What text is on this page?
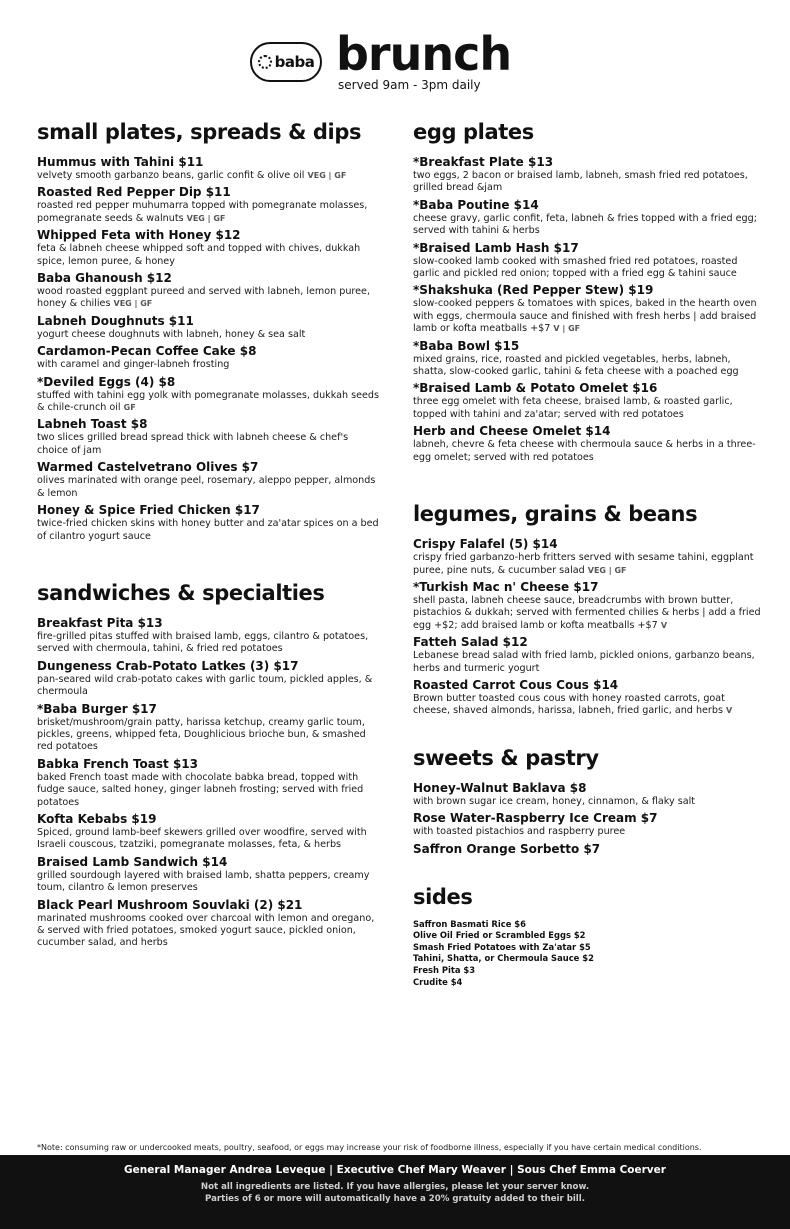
baba brunch
served 9am - 3pm daily
small plates, spreads & dips
Hummus with Tahini $11
velvety smooth garbanzo beans, garlic confit & olive oil VEG | GF
Roasted Red Pepper Dip $11
roasted red pepper muhumarra topped with pomegranate molasses, pomegranate seeds & walnuts VEG | GF
Whipped Feta with Honey $12
feta & labneh cheese whipped soft and topped with chives, dukkah spice, lemon puree, & honey
Baba Ghanoush $12
wood roasted eggplant pureed and served with labneh, lemon puree, honey & chilies VEG | GF
Labneh Doughnuts $11
yogurt cheese doughnuts with labneh, honey & sea salt
Cardamon-Pecan Coffee Cake $8
with caramel and ginger-labneh frosting
*Deviled Eggs (4) $8
stuffed with tahini egg yolk with pomegranate molasses, dukkah seeds & chile-crunch oil GF
Labneh Toast $8
two slices grilled bread spread thick with labneh cheese & chef's choice of jam
Warmed Castelvetrano Olives $7
olives marinated with orange peel, rosemary, aleppo pepper, almonds & lemon
Honey & Spice Fried Chicken $17
twice-fried chicken skins with honey butter and za'atar spices on a bed of cilantro yogurt sauce
sandwiches & specialties
Breakfast Pita $13
fire-grilled pitas stuffed with braised lamb, eggs, cilantro & potatoes, served with chermoula, tahini, & fried red potatoes
Dungeness Crab-Potato Latkes (3) $17
pan-seared wild crab-potato cakes with garlic toum, pickled apples, & chermoula
*Baba Burger $17
brisket/mushroom/grain patty, harissa ketchup, creamy garlic toum, pickles, greens, whipped feta, Doughlicious brioche bun, & smashed red potatoes
Babka French Toast $13
baked French toast made with chocolate babka bread, topped with fudge sauce, salted honey, ginger labneh frosting; served with fried potatoes
Kofta Kebabs $19
Spiced, ground lamb-beef skewers grilled over woodfire, served with Israeli couscous, tzatziki, pomegranate molasses, feta, & herbs
Braised Lamb Sandwich $14
grilled sourdough layered with braised lamb, shatta peppers, creamy toum, cilantro & lemon preserves
Black Pearl Mushroom Souvlaki (2) $21
marinated mushrooms cooked over charcoal with lemon and oregano, & served with fried potatoes, smoked yogurt sauce, pickled onion, cucumber salad, and herbs
egg plates
*Breakfast Plate $13
two eggs, 2 bacon or braised lamb, labneh, smash fried red potatoes, grilled bread &jam
*Baba Poutine $14
cheese gravy, garlic confit, feta, labneh & fries topped with a fried egg; served with tahini & herbs
*Braised Lamb Hash $17
slow-cooked lamb cooked with smashed fried red potatoes, roasted garlic and pickled red onion; topped with a fried egg & tahini sauce
*Shakshuka (Red Pepper Stew) $19
slow-cooked peppers & tomatoes with spices, baked in the hearth oven with eggs, chermoula sauce and finished with fresh herbs | add braised lamb or kofta meatballs +$7 V | GF
*Baba Bowl $15
mixed grains, rice, roasted and pickled vegetables, herbs, labneh, shatta, slow-cooked garlic, tahini & feta cheese with a poached egg
*Braised Lamb & Potato Omelet $16
three egg omelet with feta cheese, braised lamb, & roasted garlic, topped with tahini and za'atar; served with red potatoes
Herb and Cheese Omelet $14
labneh, chevre & feta cheese with chermoula sauce & herbs in a three-egg omelet; served with red potatoes
legumes, grains & beans
Crispy Falafel (5) $14
crispy fried garbanzo-herb fritters served with sesame tahini, eggplant puree, pine nuts, & cucumber salad VEG | GF
*Turkish Mac n' Cheese $17
shell pasta, labneh cheese sauce, breadcrumbs with brown butter, pistachios & dukkah; served with fermented chilies & herbs | add a fried egg +$2; add braised lamb or kofta meatballs +$7 V
Fatteh Salad $12
Lebanese bread salad with fried lamb, pickled onions, garbanzo beans, herbs and turmeric yogurt
Roasted Carrot Cous Cous $14
Brown butter toasted cous cous with honey roasted carrots, goat cheese, shaved almonds, harissa, labneh, fried garlic, and herbs V
sweets & pastry
Honey-Walnut Baklava $8
with brown sugar ice cream, honey, cinnamon, & flaky salt
Rose Water-Raspberry Ice Cream $7
with toasted pistachios and raspberry puree
Saffron Orange Sorbetto $7
sides
Saffron Basmati Rice $6
Olive Oil Fried or Scrambled Eggs $2
Smash Fried Potatoes with Za'atar $5
Tahini, Shatta, or Chermoula Sauce $2
Fresh Pita $3
Crudite $4
*Note: consuming raw or undercooked meats, poultry, seafood, or eggs may increase your risk of foodborne illness, especially if you have certain medical conditions.
General Manager Andrea Leveque | Executive Chef Mary Weaver | Sous Chef Emma Coerver
Not all ingredients are listed. If you have allergies, please let your server know.
Parties of 6 or more will automatically have a 20% gratuity added to their bill.
